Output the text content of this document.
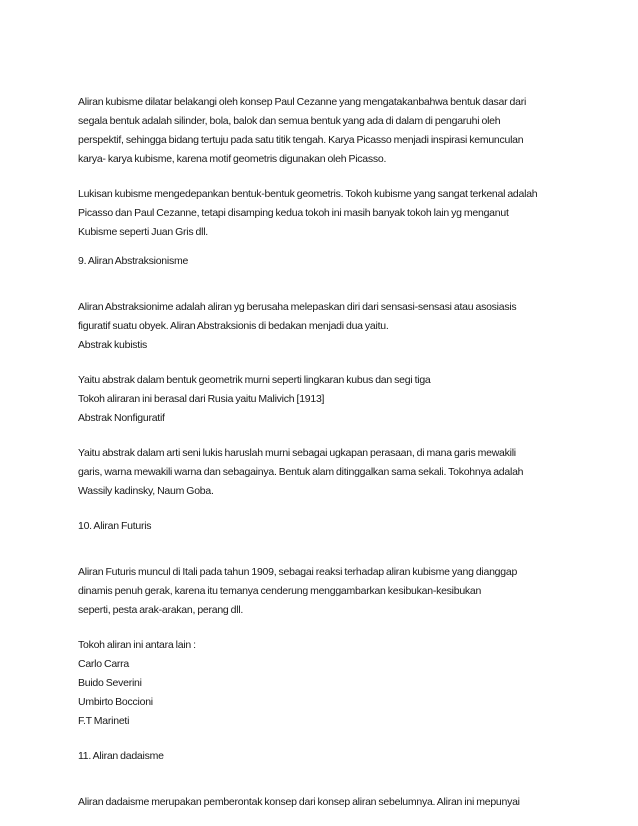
Aliran kubisme dilatar belakangi oleh konsep Paul Cezanne yang mengatakanbahwa bentuk dasar dari
segala bentuk adalah silinder, bola, balok dan semua bentuk yang ada di dalam di pengaruhi oleh
perspektif, sehingga bidang tertuju pada satu titik tengah. Karya Picasso menjadi inspirasi kemunculan
karya- karya kubisme, karena motif geometris digunakan oleh Picasso.
Lukisan kubisme mengedepankan bentuk-bentuk geometris. Tokoh kubisme yang sangat terkenal adalah
Picasso dan Paul Cezanne, tetapi disamping kedua tokoh ini masih banyak tokoh lain yg menganut
Kubisme seperti Juan Gris dll.
9. Aliran Abstraksionisme
Aliran Abstraksionime adalah aliran yg berusaha melepaskan diri dari sensasi-sensasi atau asosiasis
figuratif suatu obyek. Aliran Abstraksionis di bedakan menjadi dua yaitu.
Abstrak kubistis
Yaitu abstrak dalam bentuk geometrik murni seperti lingkaran kubus dan segi tiga
Tokoh aliraran ini berasal dari Rusia yaitu Malivich [1913]
Abstrak Nonfiguratif
Yaitu abstrak dalam arti seni lukis haruslah murni sebagai ugkapan perasaan, di mana garis mewakili
garis, warna mewakili warna dan sebagainya. Bentuk alam ditinggalkan sama sekali. Tokohnya adalah
Wassily kadinsky, Naum Goba.
10. Aliran Futuris
Aliran Futuris muncul di Itali pada tahun 1909, sebagai reaksi terhadap aliran kubisme yang dianggap
dinamis penuh gerak, karena itu temanya cenderung menggambarkan kesibukan-kesibukan
seperti, pesta arak-arakan, perang dll.
Tokoh aliran ini antara lain :
Carlo Carra
Buido Severini
Umbirto Boccioni
F.T Marineti
11. Aliran dadaisme
Aliran dadaisme merupakan pemberontak konsep dari konsep aliran sebelumnya. Aliran ini mepunyai
